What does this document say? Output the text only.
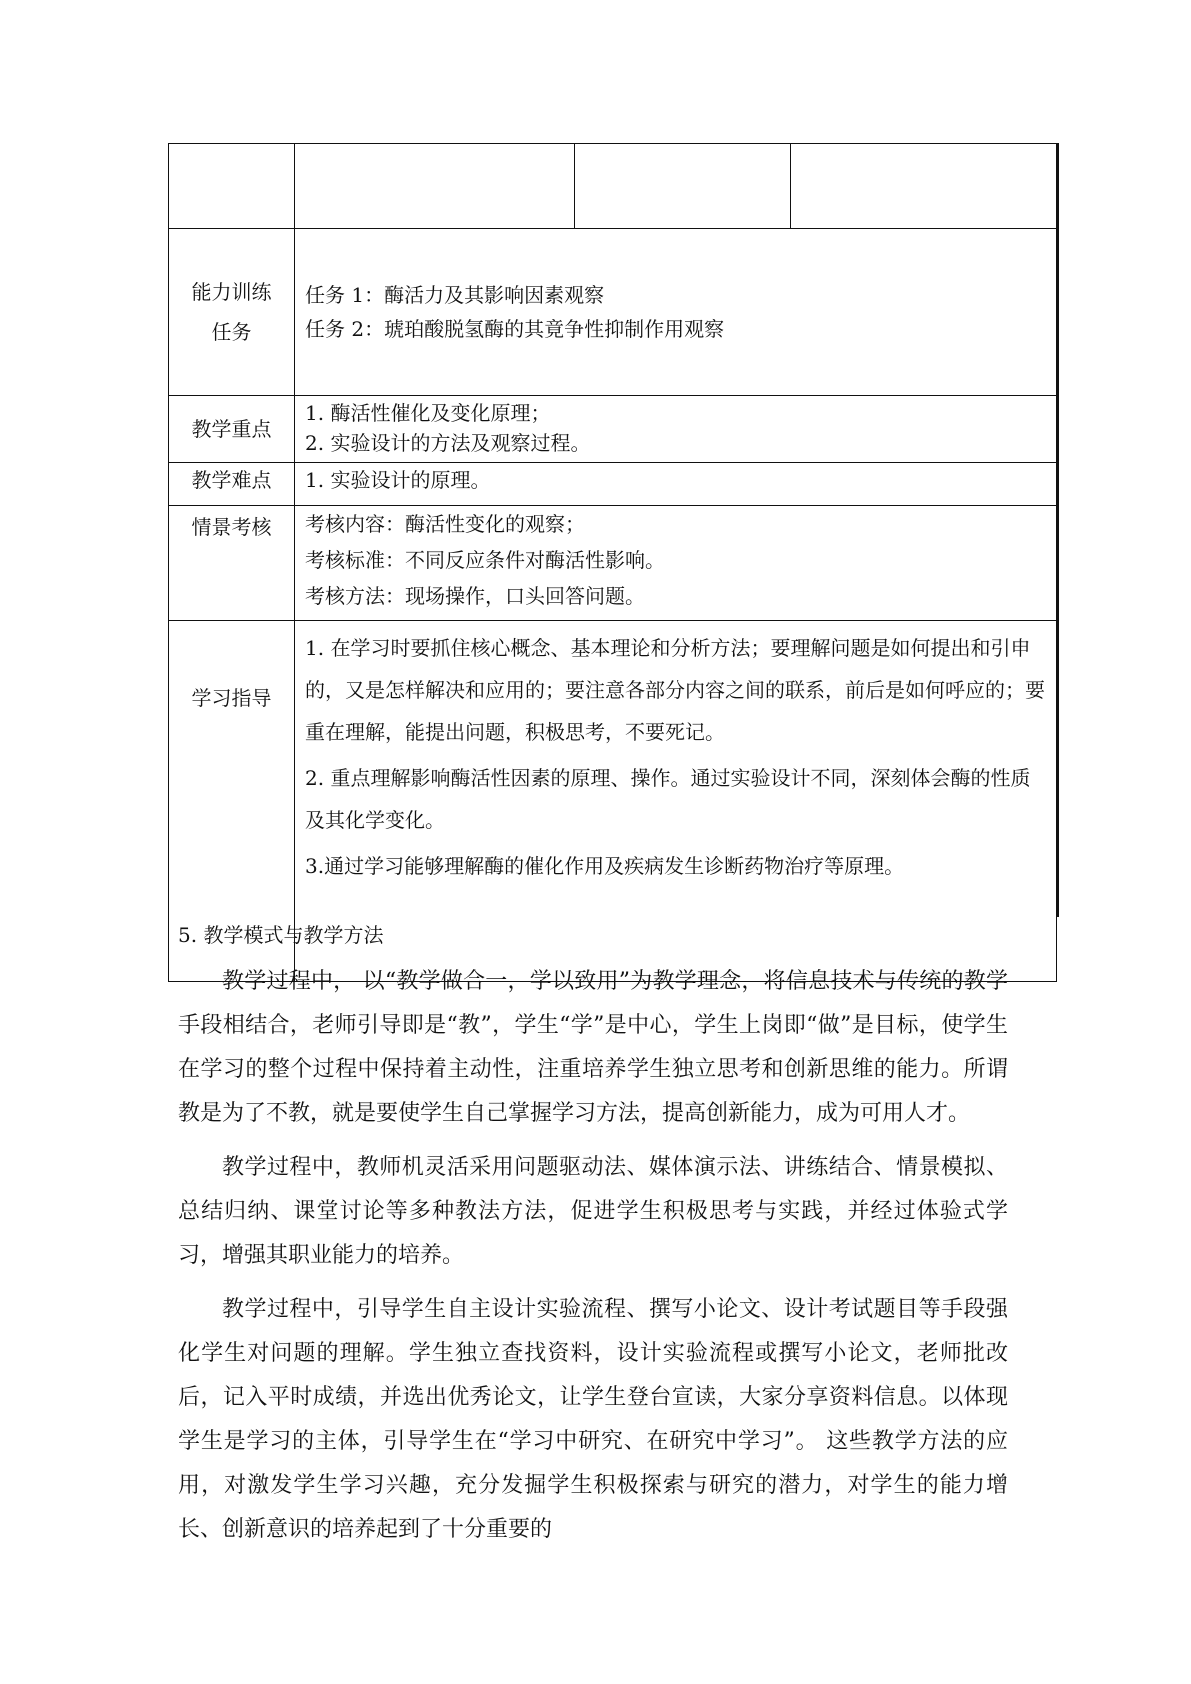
能力训练任务	任务 1：酶活力及其影响因素观察
任务 2：琥珀酸脱氢酶的其竟争性抑制作用观察		

教学重点	1. 酶活性催化及变化原理；
2. 实验设计的方法及观察过程。		

教学难点	1. 实验设计的原理。		

情景考核	考核内容：酶活性变化的观察；
考核标准：不同反应条件对酶活性影响。
考核方法：现场操作，口头回答问题。		

学习指导	1. 在学习时要抓住核心概念、基本理论和分析方法；要理解问题是如何提出和引申的，又是怎样解决和应用的；要注意各部分内容之间的联系，前后是如何呼应的；要重在理解，能提出问题，积极思考，不要死记。

2. 重点理解影响酶活性因素的原理、操作。通过实验设计不同，深刻体会酶的性质及其化学变化。

3.通过学习能够理解酶的催化作用及疾病发生诊断药物治疗等原理。		

5. 教学模式与教学方法

教学过程中， 以“教学做合一，学以致用”为教学理念，将信息技术与传统的教学手段相结合，老师引导即是“教”，学生“学”是中心，学生上岗即“做”是目标，使学生在学习的整个过程中保持着主动性，注重培养学生独立思考和创新思维的能力。所谓教是为了不教，就是要使学生自己掌握学习方法，提高创新能力，成为可用人才。

教学过程中，教师机灵活采用问题驱动法、媒体演示法、讲练结合、情景模拟、总结归纳、课堂讨论等多种教法方法，促进学生积极思考与实践，并经过体验式学习，增强其职业能力的培养。

教学过程中，引导学生自主设计实验流程、撰写小论文、设计考试题目等手段强化学生对问题的理解。学生独立查找资料，设计实验流程或撰写小论文，老师批改后，记入平时成绩，并选出优秀论文，让学生登台宣读，大家分享资料信息。以体现学生是学习的主体，引导学生在“学习中研究、在研究中学习”。 这些教学方法的应用，对激发学生学习兴趣，充分发掘学生积极探索与研究的潜力，对学生的能力增长、创新意识的培养起到了十分重要的
